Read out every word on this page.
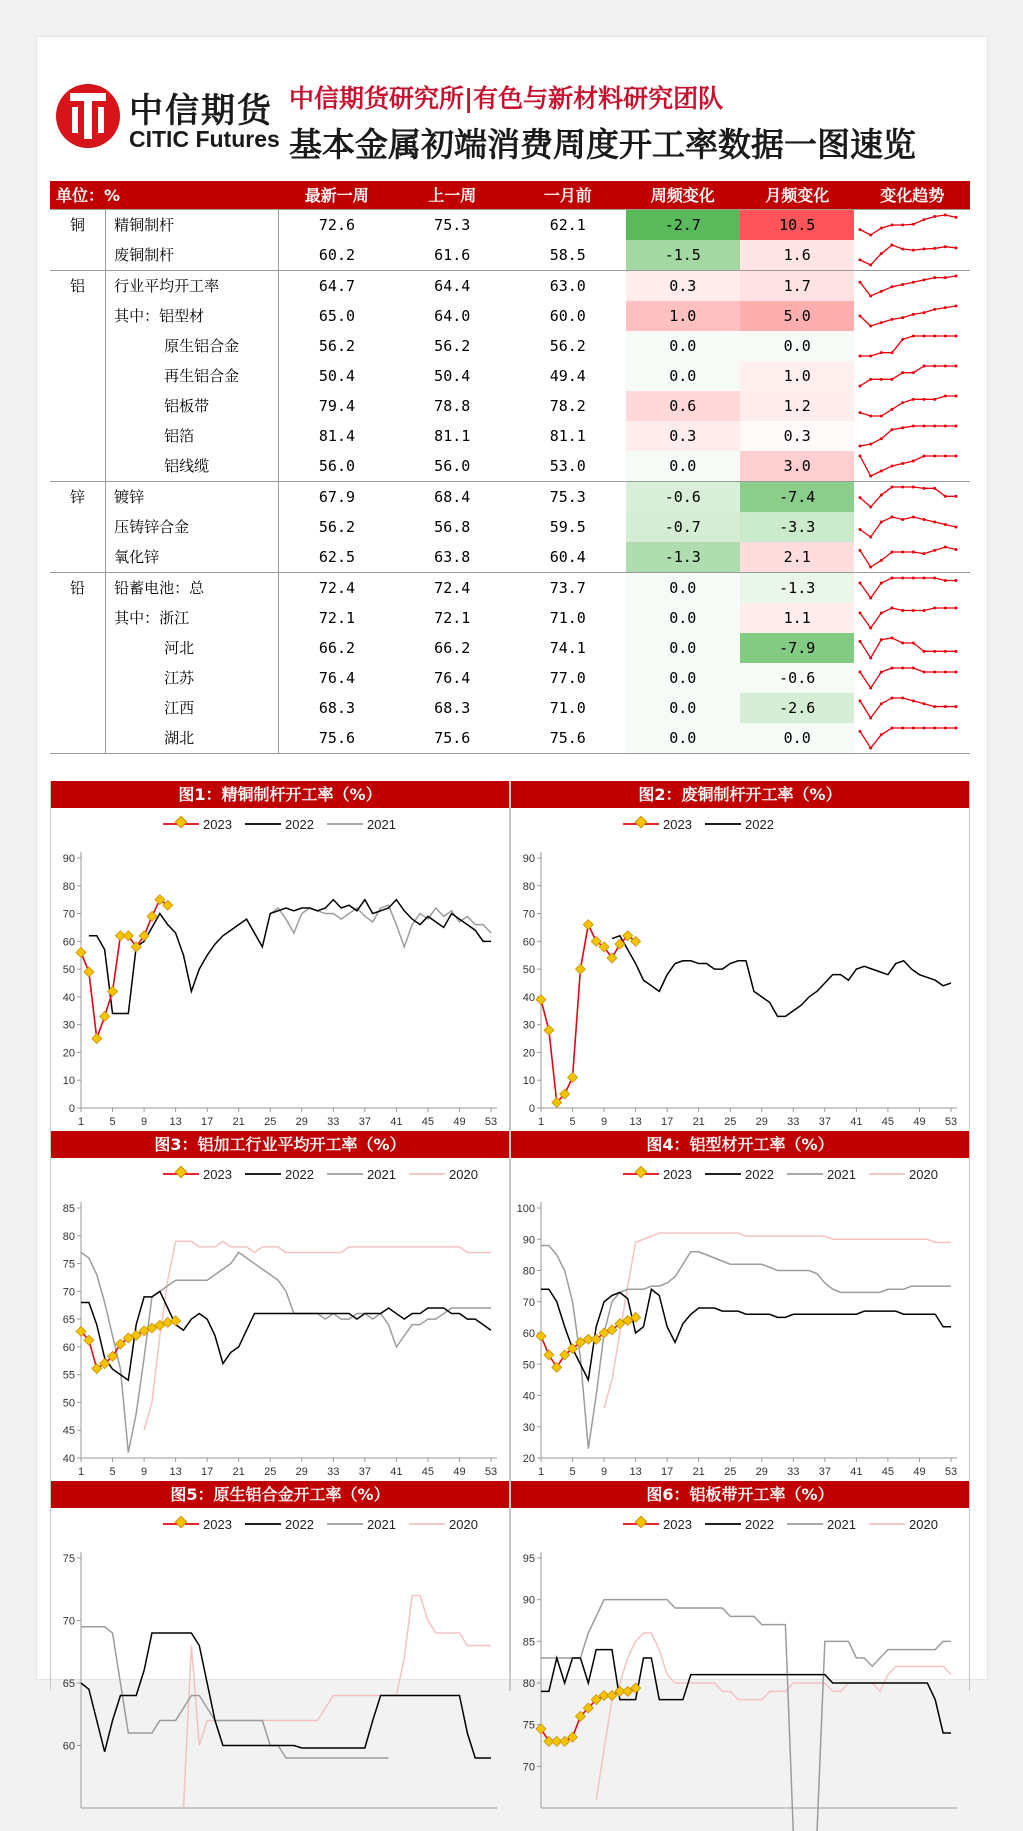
中信期货
CITIC Futures
中信期货研究所|有色与新材料研究团队
基本金属初端消费周度开工率数据一图速览
单位：%		最新一周	上一周	一月前	周频变化	月频变化	变化趋势
铜	精铜制杆	72.6	75.3	62.1	-2.7	10.5	

	废铜制杆	60.2	61.6	58.5	-1.5	1.6	

铝	行业平均开工率	64.7	64.4	63.0	0.3	1.7	

	其中：铝型材	65.0	64.0	60.0	1.0	5.0	

	原生铝合金	56.2	56.2	56.2	0.0	0.0	

	再生铝合金	50.4	50.4	49.4	0.0	1.0	

	铝板带	79.4	78.8	78.2	0.6	1.2	

	铝箔	81.4	81.1	81.1	0.3	0.3	

	铝线缆	56.0	56.0	53.0	0.0	3.0	

锌	镀锌	67.9	68.4	75.3	-0.6	-7.4	

	压铸锌合金	56.2	56.8	59.5	-0.7	-3.3	

	氧化锌	62.5	63.8	60.4	-1.3	2.1	

铅	铅蓄电池：总	72.4	72.4	73.7	0.0	-1.3	

	其中：浙江	72.1	72.1	71.0	0.0	1.1	

	河北	66.2	66.2	74.1	0.0	-7.9	

	江苏	76.4	76.4	77.0	0.0	-0.6	

	江西	68.3	68.3	71.0	0.0	-2.6	

	湖北	75.6	75.6	75.6	0.0	0.0	
图1：精铜制杆开工率（%）
0
10
20
30
40
50
60
70
80
90
1 5 9 13 17 21 25 29 33 37 41 45 49 53
2023	2022	2021
图2：废铜制杆开工率（%）
0
10
20
30
40
50
60
70
80
90
1 5 9 13 17 21 25 29 33 37 41 45 49 53
2023	2022
图3：铝加工行业平均开工率（%）
40
45
50
55
60
65
70
75
80
85
1 5 9 13 17 21 25 29 33 37 41 45 49 53
2023	2022	2021	2020
图4：铝型材开工率（%）
20
30
40
50
60
70
80
90
100
1 5 9 13 17 21 25 29 33 37 41 45 49 53
2023	2022	2021	2020
图5：原生铝合金开工率（%）
60
65
70
75
2023	2022	2021	2020
图6：铝板带开工率（%）
70
75
80
85
90
95
2023	2022	2021	2020
